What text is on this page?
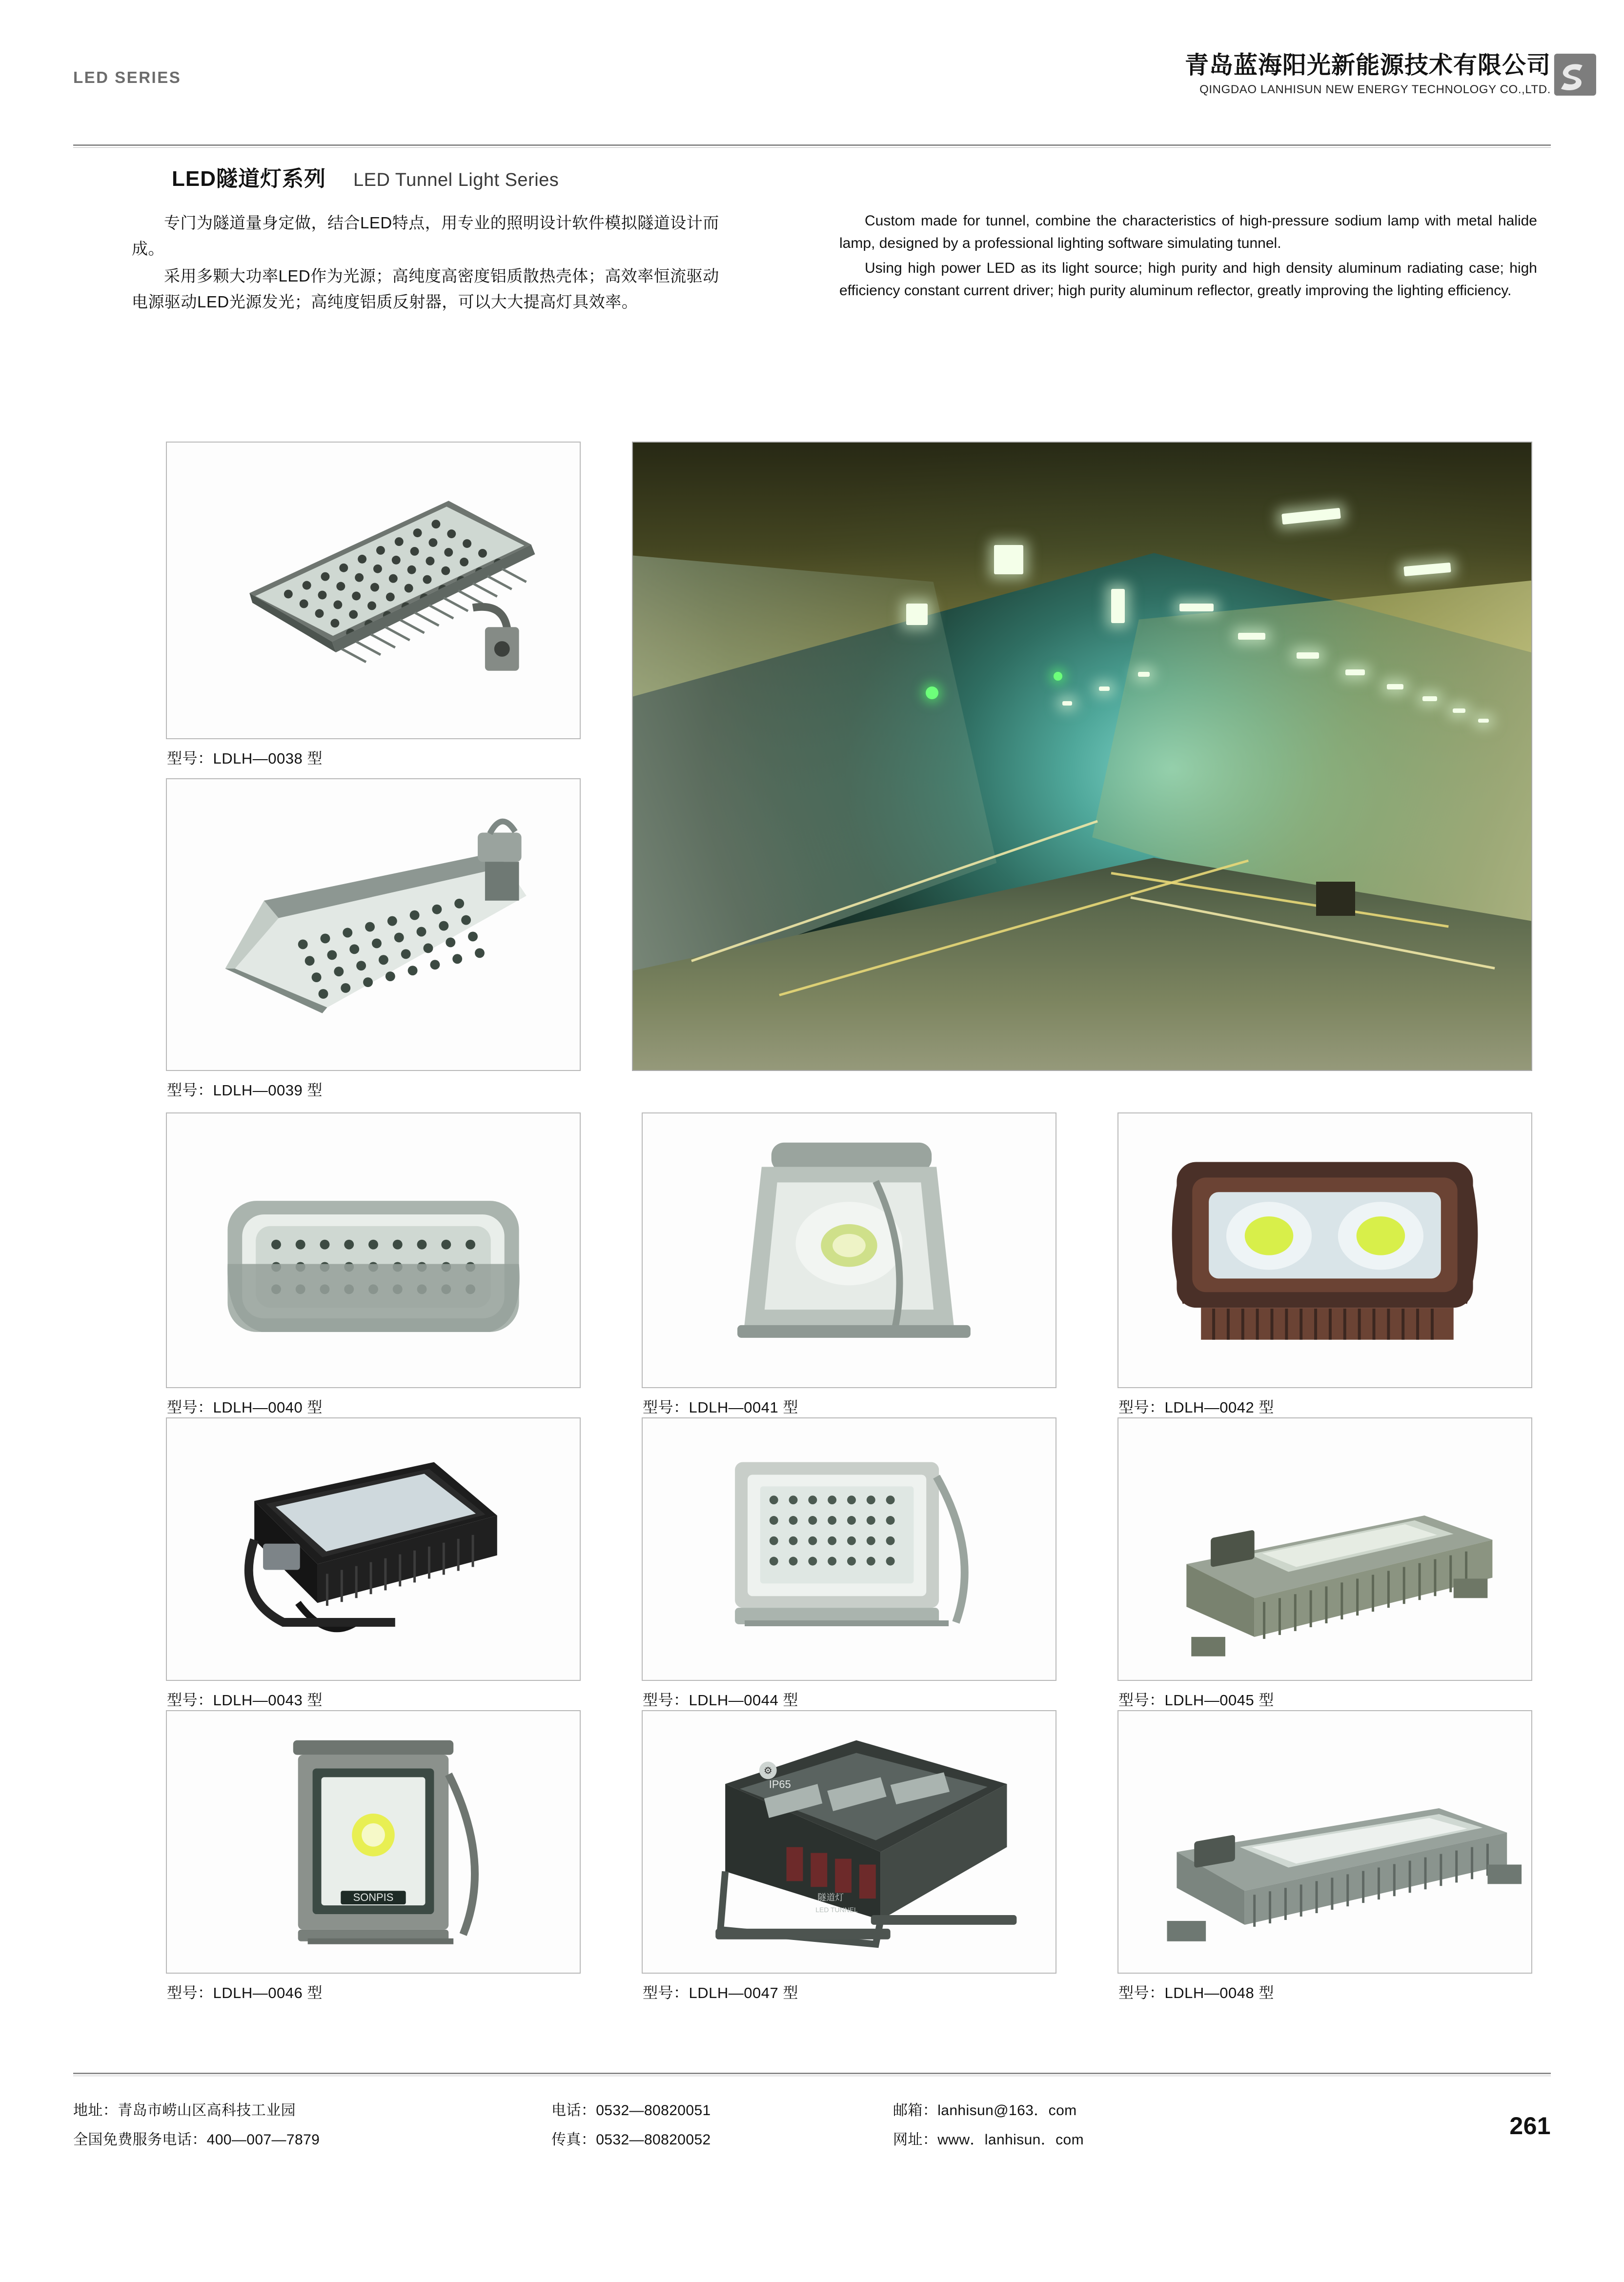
LED SERIES	青岛蓝海阳光新能源技术有限公司
QINGDAO LANHISUN NEW ENERGY TECHNOLOGY CO.,LTD.
LED隧道灯系列 LED Tunnel Light Series

专门为隧道量身定做，结合LED特点，用专业的照明设计软件模拟隧道设计而成。

采用多颗大功率LED作为光源；高纯度高密度铝质散热壳体；高效率恒流驱动电源驱动LED光源发光；高纯度铝质反射器，可以大大提高灯具效率。

Custom made for tunnel, combine the characteristics of high-pressure sodium lamp with metal halide lamp, designed by a professional lighting software simulating tunnel.

Using high power LED as its light source; high purity and high density aluminum radiating case; high efficiency constant current driver; high purity aluminum reflector, greatly improving the lighting efficiency.

型号：LDLH—0038 型
型号：LDLH—0039 型
型号：LDLH—0040 型	型号：LDLH—0041 型	型号：LDLH—0042 型
型号：LDLH—0043 型	型号：LDLH—0044 型	型号：LDLH—0045 型
SONPIS
型号：LDLH—0046 型
⚙
IP65
隧道灯
LED TUNNEL
型号：LDLH—0047 型	型号：LDLH—0048 型
地址：青岛市崂山区高科技工业园
全国免费服务电话：400—007—7879
电话：0532—80820051
传真：0532—80820052
邮箱：lanhisun@163．com
网址：www．lanhisun．com
261
